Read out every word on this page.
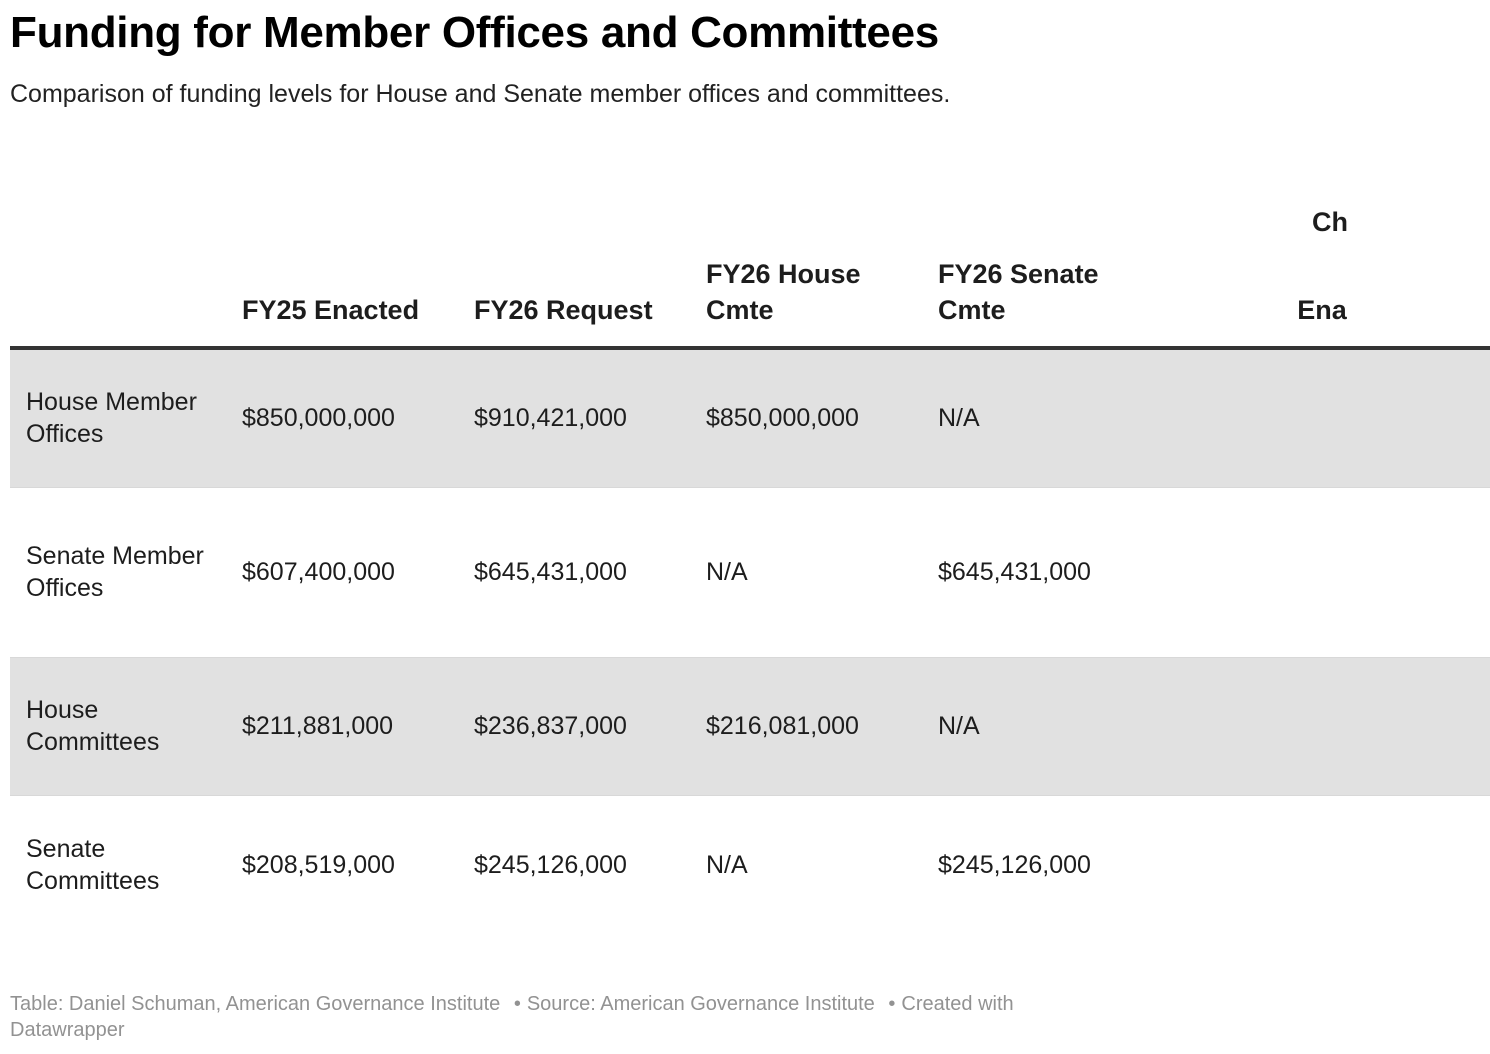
Funding for Member Offices and Committees

Comparison of funding levels for House and Senate member offices and committees.

	FY25 Enacted	FY26 Request	FY26 House Cmte	FY26 Senate Cmte	Ch
Ena

House Member Offices	$850,000,000	$910,421,000	$850,000,000	N/A	
Senate Member Offices	$607,400,000	$645,431,000	N/A	$645,431,000	
House Committees	$211,881,000	$236,837,000	$216,081,000	N/A	
Senate Committees	$208,519,000	$245,126,000	N/A	$245,126,000	

Table: Daniel Schuman, American Governance Institute • Source: American Governance Institute • Created with Datawrapper
